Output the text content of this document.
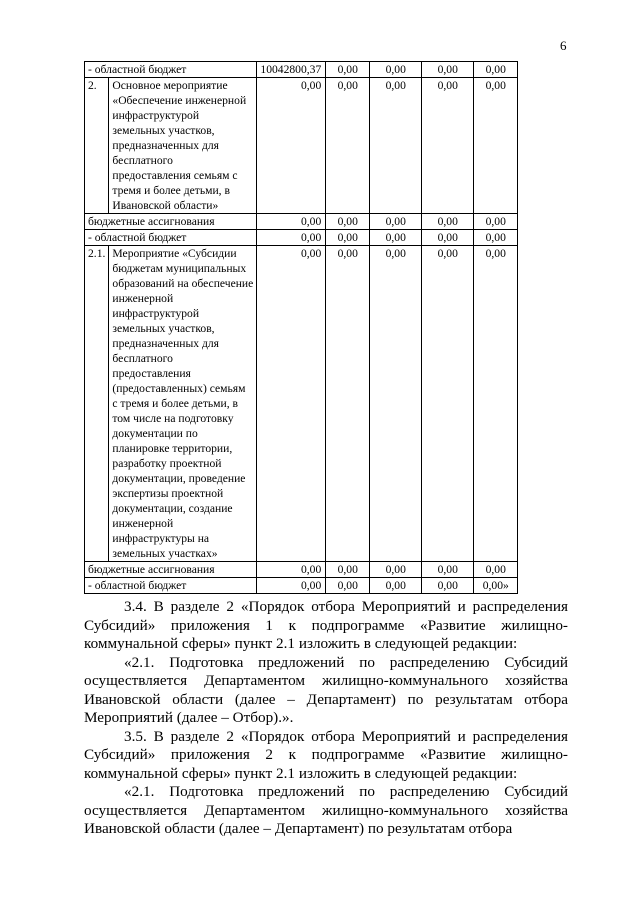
6
- областной бюджет		10042800,37	0,00	0,00	0,00	0,00
2.	Основное мероприятие «Обеспечение инженерной инфраструктурой земельных участков, предназначенных для бесплатного предоставления семьям с тремя и более детьми, в Ивановской области»	0,00	0,00	0,00	0,00	0,00
бюджетные ассигнования		0,00	0,00	0,00	0,00	0,00
- областной бюджет		0,00	0,00	0,00	0,00	0,00
2.1.	Мероприятие «Субсидии бюджетам муниципальных образований на обеспечение инженерной инфраструктурой земельных участков, предназначенных для бесплатного предоставления (предоставленных) семьям с тремя и более детьми, в том числе на подготовку документации по планировке территории, разработку проектной документации, проведение экспертизы проектной документации, создание инженерной инфраструктуры на земельных участках»	0,00	0,00	0,00	0,00	0,00
бюджетные ассигнования		0,00	0,00	0,00	0,00	0,00
- областной бюджет		0,00	0,00	0,00	0,00	0,00»

3.4. В разделе 2 «Порядок отбора Мероприятий и распределения Субсидий» приложения 1 к подпрограмме «Развитие жилищно-коммунальной сферы» пункт 2.1 изложить в следующей редакции:

«2.1. Подготовка предложений по распределению Субсидий осуществляется Департаментом жилищно-коммунального хозяйства Ивановской области (далее – Департамент) по результатам отбора Мероприятий (далее – Отбор).».

3.5. В разделе 2 «Порядок отбора Мероприятий и распределения Субсидий» приложения 2 к подпрограмме «Развитие жилищно-коммунальной сферы» пункт 2.1 изложить в следующей редакции:

«2.1. Подготовка предложений по распределению Субсидий осуществляется Департаментом жилищно-коммунального хозяйства Ивановской области (далее – Департамент) по результатам отбора
